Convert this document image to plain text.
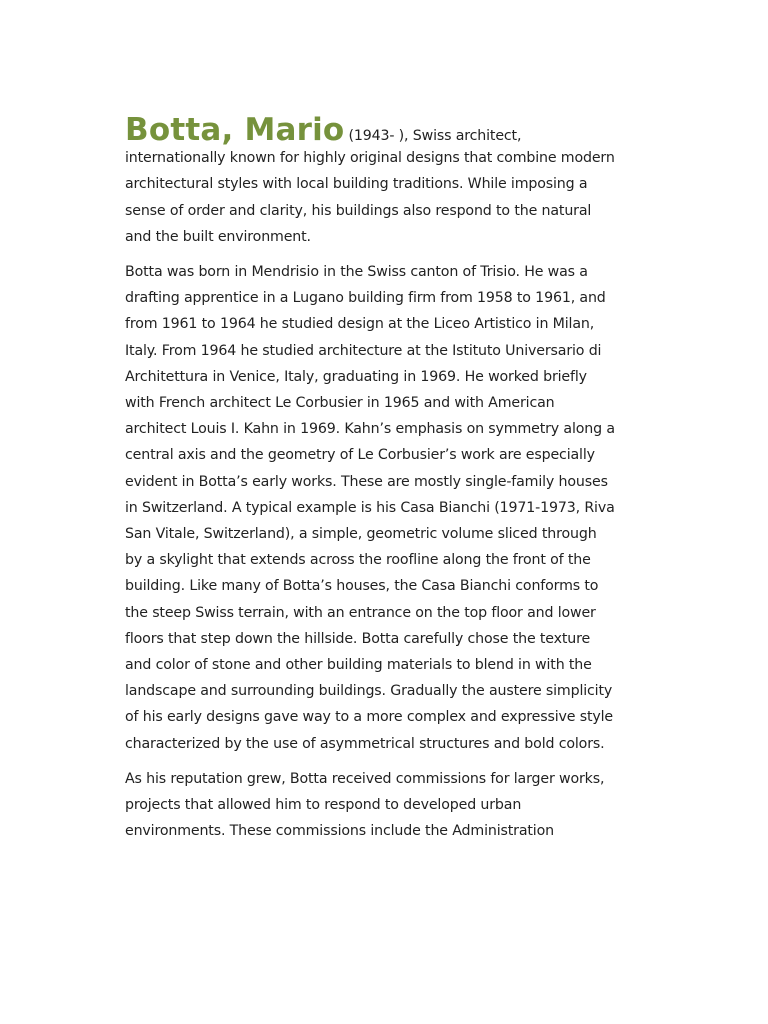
Botta, Mario (1943- ), Swiss architect,
internationally known for highly original designs that combine modern architectural styles with local building traditions. While imposing a sense of order and clarity, his buildings also respond to the natural and the built environment.

Botta was born in Mendrisio in the Swiss canton of Trisio. He was a drafting apprentice in a Lugano building firm from 1958 to 1961, and from 1961 to 1964 he studied design at the Liceo Artistico in Milan, Italy. From 1964 he studied architecture at the Istituto Universario di Architettura in Venice, Italy, graduating in 1969. He worked briefly with French architect Le Corbusier in 1965 and with American architect Louis I. Kahn in 1969. Kahn’s emphasis on symmetry along a central axis and the geometry of Le Corbusier’s work are especially evident in Botta’s early works. These are mostly single-family houses in Switzerland. A typical example is his Casa Bianchi (1971-1973, Riva San Vitale, Switzerland), a simple, geometric volume sliced through by a skylight that extends across the roofline along the front of the building. Like many of Botta’s houses, the Casa Bianchi conforms to the steep Swiss terrain, with an entrance on the top floor and lower floors that step down the hillside. Botta carefully chose the texture and color of stone and other building materials to blend in with the landscape and surrounding buildings. Gradually the austere simplicity of his early designs gave way to a more complex and expressive style characterized by the use of asymmetrical structures and bold colors.

As his reputation grew, Botta received commissions for larger works, projects that allowed him to respond to developed urban environments. These commissions include the Administration
